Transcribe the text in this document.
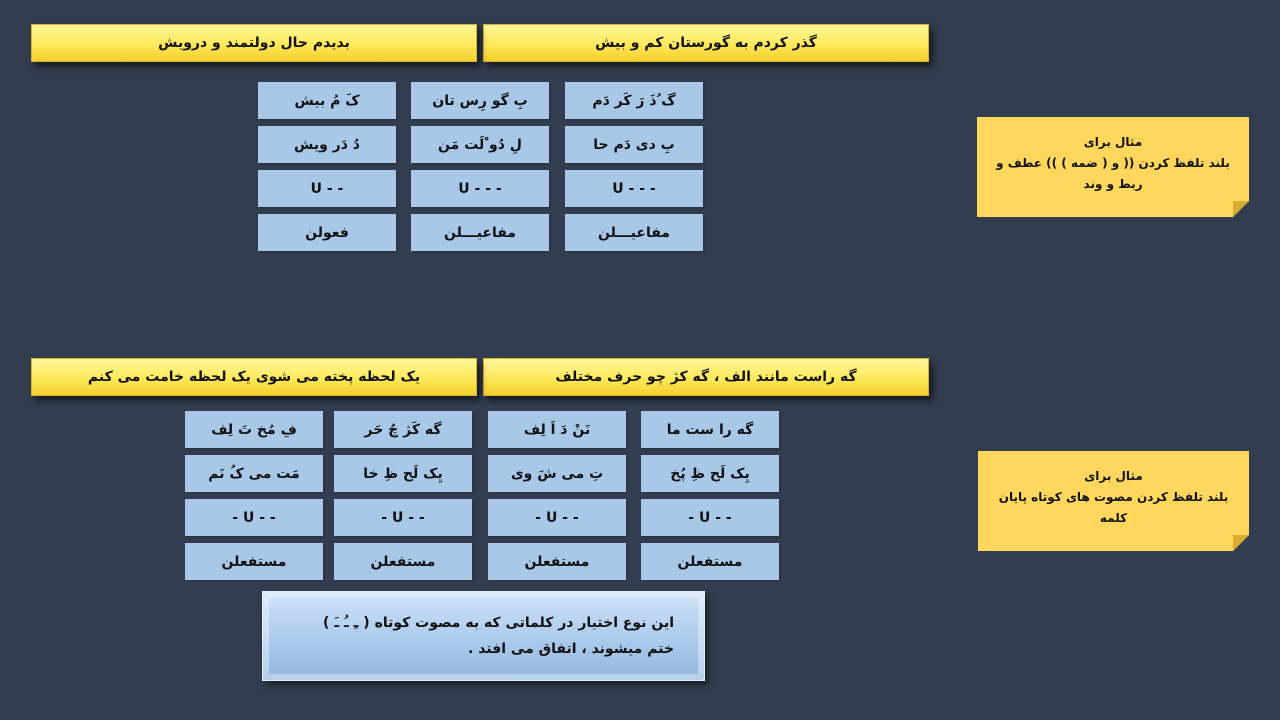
گذر کردم به گورستان کم و بیش
بدیدم حال دولتمند و درویش
گ ُذَ رَ کَر دَم
بِ گو رِس تان
کَ مُ بیش
بِ دی دَم حا
لِ دُو ْلَت مَن
دُ دَر ویش
U - - -
U - - -
U - -
مفاعیـــلن
مفاعیـــلن
فعولن
مثال برای
بلند تلفظ کردن (( و ( ضمه ) )) عطف و
ربط و وند
گه راست مانند الف ، گه کژ چو حرف مختلف
یک لحظه پخته می شوی یک لحظه خامت می کنم
گه را ست ما
نَنْ دَ اَ لِف
گه کَژ چُ حَر
فِ مُخ تَ لِف
یِک لَح ظِ پُخ
تِ می شَ وی
یِک لَح ظِ خا
مَت می کُ نَم
- U - -
- U - -
- U - -
- U - -
مستفعلن
مستفعلن
مستفعلن
مستفعلن
مثال برای
بلند تلفظ کردن مصوت های کوتاه پایان
کلمه
این نوع اختیار در کلماتی که به مصوت کوتاه ( ـِ ـُ ـَ ) ختم میشوند ، اتفاق می افتد .
